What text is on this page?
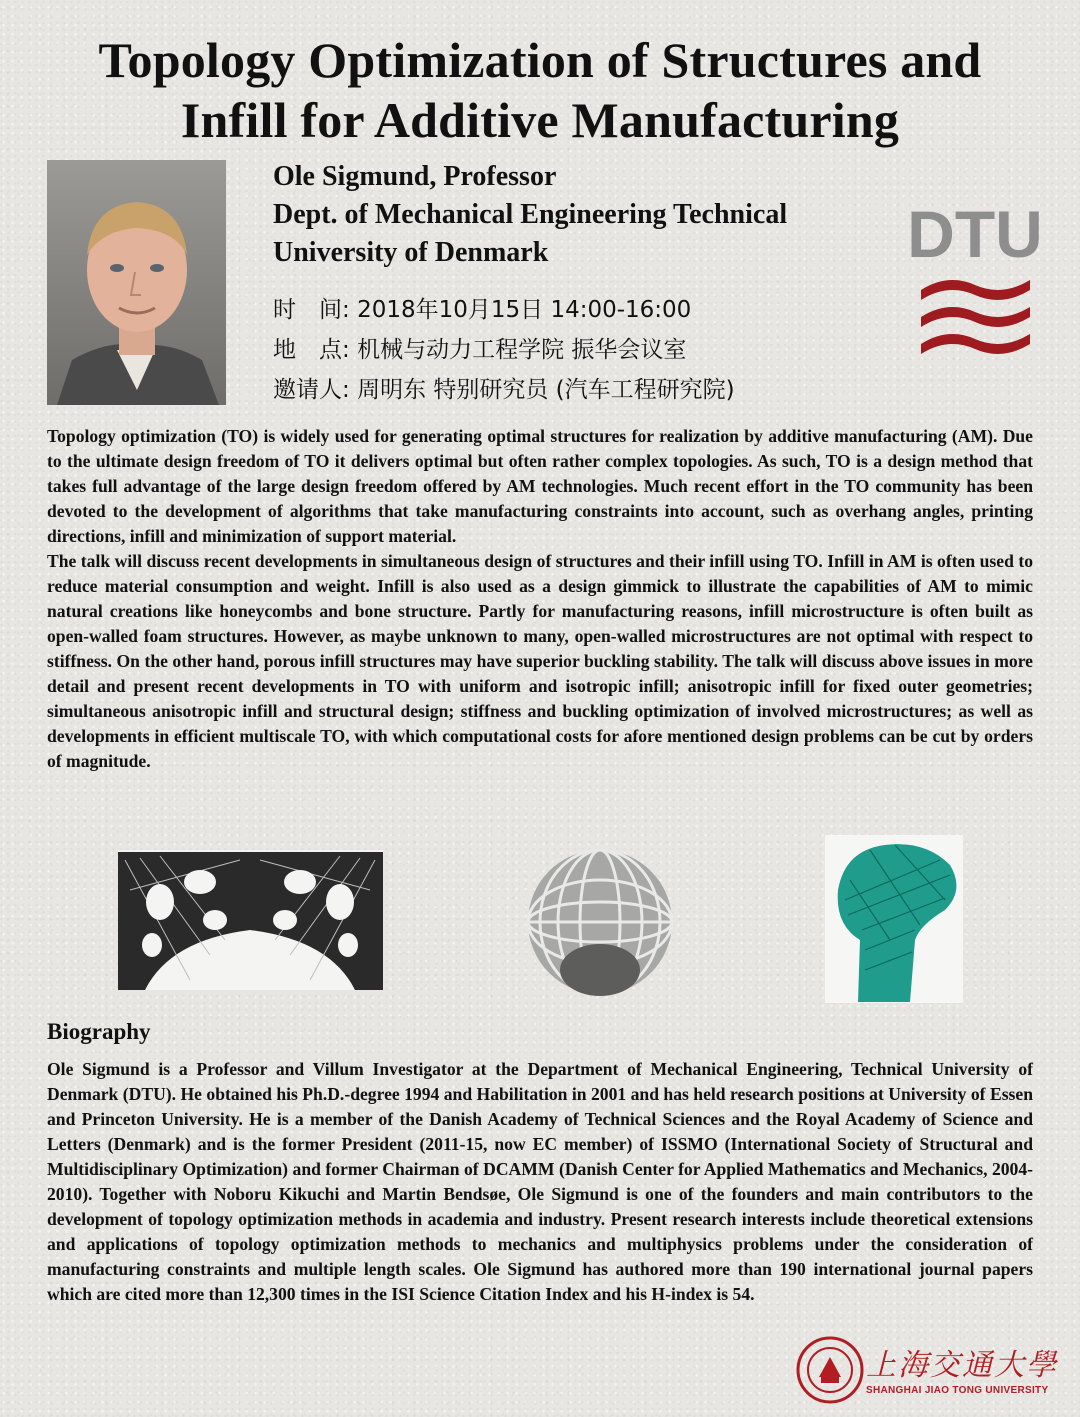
Topology Optimization of Structures and
Infill for Additive Manufacturing
Ole Sigmund, Professor
Dept. of Mechanical Engineering Technical
University of Denmark
时　间: 2018年10月15日 14:00-16:00
地　点: 机械与动力工程学院 振华会议室
邀请人: 周明东 特别研究员 (汽车工程研究院)
DTU

Topology optimization (TO) is widely used for generating optimal structures for realization by additive manufacturing (AM). Due to the ultimate design freedom of TO it delivers optimal but often rather complex topologies. As such, TO is a design method that takes full advantage of the large design freedom offered by AM technologies. Much recent effort in the TO community has been devoted to the development of algorithms that take manufacturing constraints into account, such as overhang angles, printing directions, infill and minimization of support material.

The talk will discuss recent developments in simultaneous design of structures and their infill using TO. Infill in AM is often used to reduce material consumption and weight. Infill is also used as a design gimmick to illustrate the capabilities of AM to mimic natural creations like honeycombs and bone structure. Partly for manufacturing reasons, infill microstructure is often built as open-walled foam structures. However, as maybe unknown to many, open-walled microstructures are not optimal with respect to stiffness. On the other hand, porous infill structures may have superior buckling stability. The talk will discuss above issues in more detail and present recent developments in TO with uniform and isotropic infill; anisotropic infill for fixed outer geometries; simultaneous anisotropic infill and structural design; stiffness and buckling optimization of involved microstructures; as well as developments in efficient multiscale TO, with which computational costs for afore mentioned design problems can be cut by orders of magnitude.

Biography

Ole Sigmund is a Professor and Villum Investigator at the Department of Mechanical Engineering, Technical University of Denmark (DTU). He obtained his Ph.D.-degree 1994 and Habilitation in 2001 and has held research positions at University of Essen and Princeton University. He is a member of the Danish Academy of Technical Sciences and the Royal Academy of Science and Letters (Denmark) and is the former President (2011-15, now EC member) of ISSMO (International Society of Structural and Multidisciplinary Optimization) and former Chairman of DCAMM (Danish Center for Applied Mathematics and Mechanics, 2004-2010). Together with Noboru Kikuchi and Martin Bendsøe, Ole Sigmund is one of the founders and main contributors to the development of topology optimization methods in academia and industry. Present research interests include theoretical extensions and applications of topology optimization methods to mechanics and multiphysics problems under the consideration of manufacturing constraints and multiple length scales. Ole Sigmund has authored more than 190 international journal papers which are cited more than 12,300 times in the ISI Science Citation Index and his H-index is 54.

上海交通大學
SHANGHAI JIAO TONG UNIVERSITY
